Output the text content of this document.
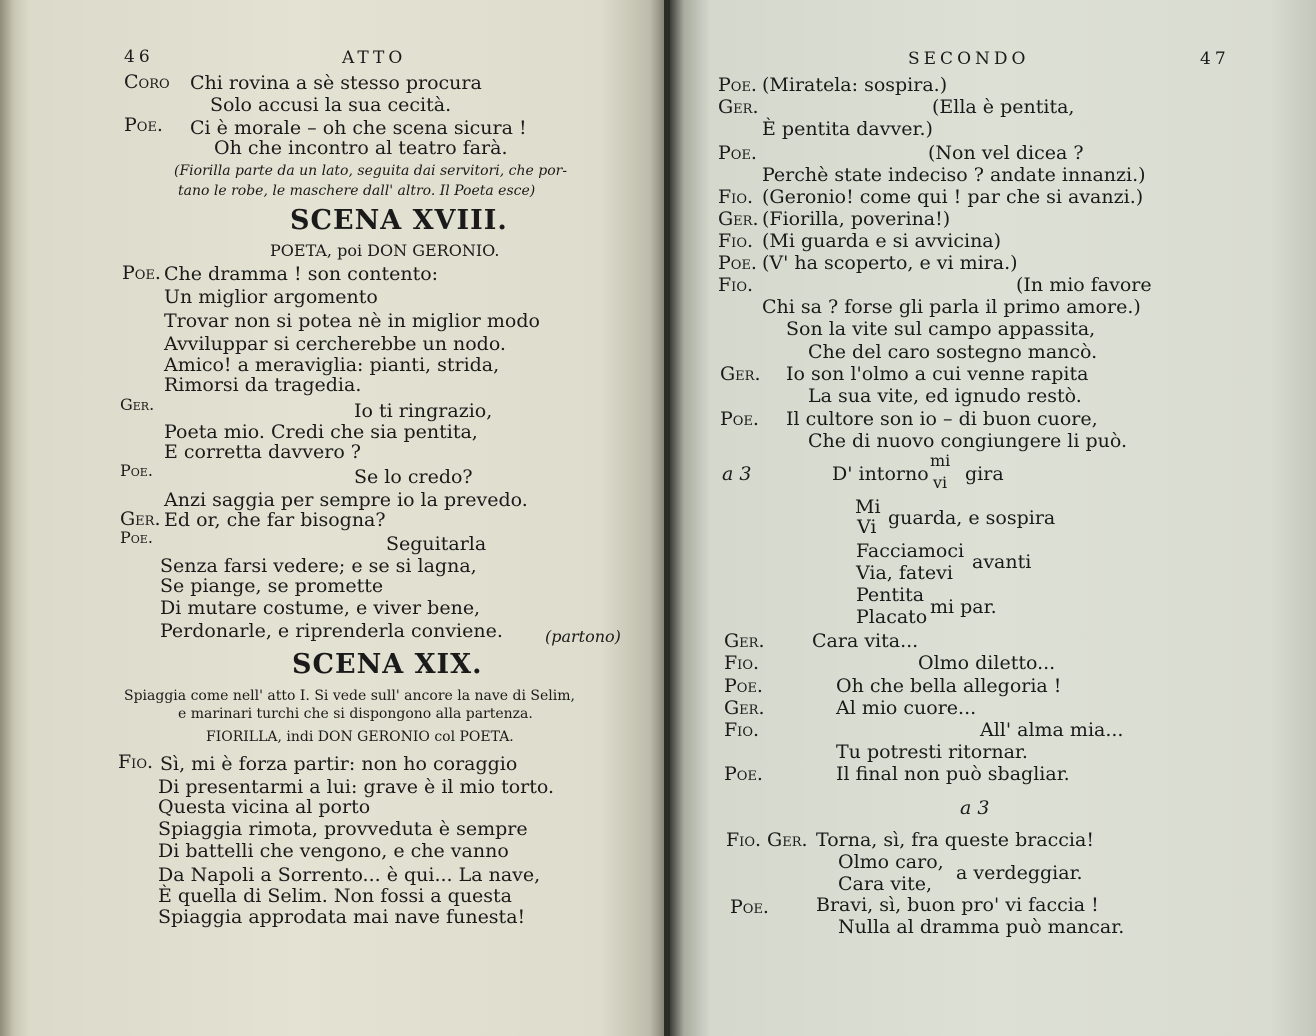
46	ATTO
Coro Chi rovina a sè stesso procura
Solo accusi la sua cecità.
Poe. Ci è morale – oh che scena sicura !
Oh che incontro al teatro farà.
(Fiorilla parte da un lato, seguita dai servitori, che por-
tano le robe, le maschere dall' altro. Il Poeta esce)
SCENA XVIII.
POETA, poi DON GERONIO.
Poe. Che dramma ! son contento:
Un miglior argomento
Trovar non si potea nè in miglior modo
Avviluppar si cercherebbe un nodo.
Amico! a meraviglia: pianti, strida,
Rimorsi da tragedia.
Ger.	Io ti ringrazio,
Poeta mio. Credi che sia pentita,
E corretta davvero ?
Poe.	Se lo credo?
Anzi saggia per sempre io la prevedo.
Ger. Ed or, che far bisogna?
Poe.	Seguitarla
Senza farsi vedere; e se si lagna,
Se piange, se promette
Di mutare costume, e viver bene,
Perdonarle, e riprenderla conviene.	(partono)
SCENA XIX.
Spiaggia come nell' atto I. Si vede sull' ancore la nave di Selim,
e marinari turchi che si dispongono alla partenza.
FIORILLA, indi DON GERONIO col POETA.
Fio. Sì, mi è forza partir: non ho coraggio
Di presentarmi a lui: grave è il mio torto.
Questa vicina al porto
Spiaggia rimota, provveduta è sempre
Di battelli che vengono, e che vanno
Da Napoli a Sorrento... è qui... La nave,
È quella di Selim. Non fossi a questa
Spiaggia approdata mai nave funesta!
SECONDO	47
Poe. (Miratela: sospira.)
Ger.	(Ella è pentita,
È pentita davver.)
Poe.	(Non vel dicea ?
Perchè state indeciso ? andate innanzi.)
Fio. (Geronio! come qui ! par che si avanzi.)
Ger. (Fiorilla, poverina!)
Fio. (Mi guarda e si avvicina)
Poe. (V' ha scoperto, e vi mira.)
Fio.	(In mio favore
Chi sa ? forse gli parla il primo amore.)
Son la vite sul campo appassita,
Che del caro sostegno mancò.
Ger. Io son l'olmo a cui venne rapita
La sua vite, ed ignudo restò.
Poe. Il cultore son io – di buon cuore,
Che di nuovo congiungere li può.
a 3	D' intorno
mi
vi gira
Mi
Vi guarda, e sospira
Facciamoci
Via, fatevi avanti
Pentita
Placato mi par.
Ger.	Cara vita...
Fio.	Olmo diletto...
Poe.	Oh che bella allegoria !
Ger.	Al mio cuore...
Fio.	All' alma mia...
Tu potresti ritornar.
Poe.	Il final non può sbagliar.
a 3
Fio. Ger. Torna, sì, fra queste braccia!
Olmo caro,
Cara vite, a verdeggiar.
Poe. Bravi, sì, buon pro' vi faccia !
Nulla al dramma può mancar.
